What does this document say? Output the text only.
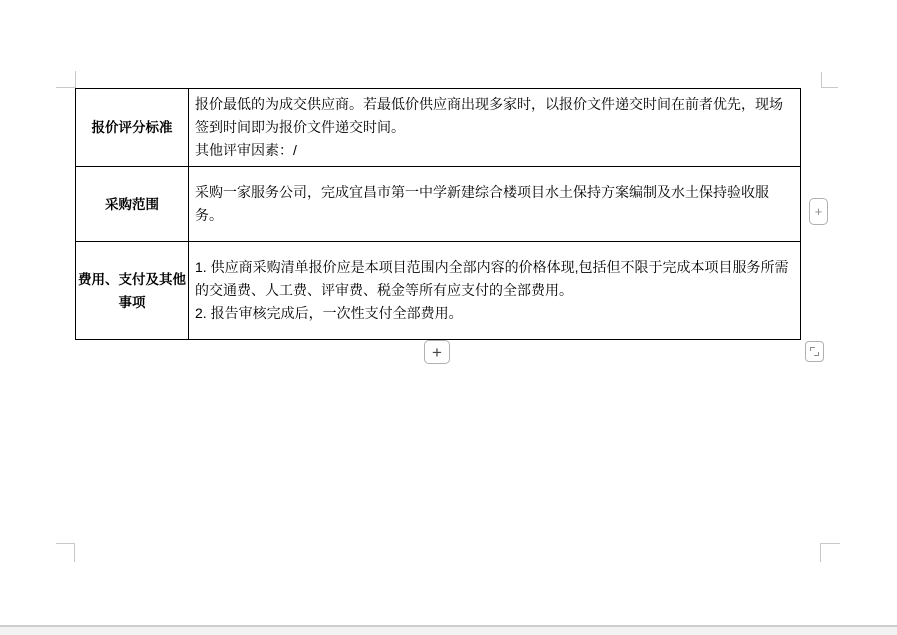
报价评分标准	报价最低的为成交供应商。若最低价供应商出现多家时，以报价文件递交时间在前者优先，现场签到时间即为报价文件递交时间。

其他评审因素：/

采购范围	采购一家服务公司，完成宜昌市第一中学新建综合楼项目水土保持方案编制及水土保持验收服务。

费用、支付及其他事项	1. 供应商采购清单报价应是本项目范围内全部内容的价格体现,包括但不限于完成本项目服务所需的交通费、人工费、评审费、税金等所有应支付的全部费用。

2. 报告审核完成后，一次性支付全部费用。

+
+
